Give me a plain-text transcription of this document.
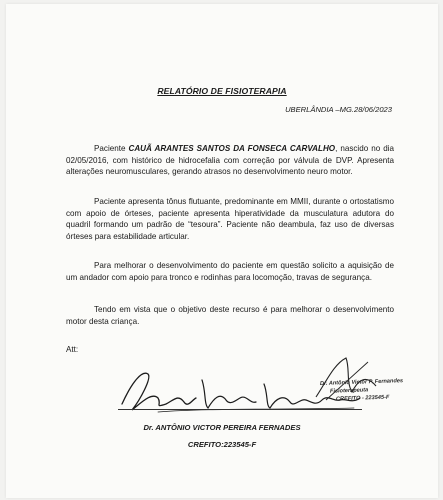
RELATÓRIO DE FISIOTERAPIA
UBERLÂNDIA –MG.28/06/2023
Paciente CAUÃ ARANTES SANTOS DA FONSECA CARVALHO, nascido no dia 02/05/2016, com histórico de hidrocefalia com correção por válvula de DVP. Apresenta alterações neuromusculares, gerando atrasos no desenvolvimento neuro motor.
Paciente apresenta tônus flutuante, predominante em MMII, durante o ortostatismo com apoio de órteses, paciente apresenta hiperatividade da musculatura adutora do quadril formando um padrão de “tesoura”. Paciente não deambula, faz uso de diversas órteses para estabilidade articular.
Para melhorar o desenvolvimento do paciente em questão solicito a aquisição de um andador com apoio para tronco e rodinhas para locomoção, travas de segurança.
Tendo em vista que o objetivo deste recurso é para melhorar o desenvolvimento motor desta criança.
Att:
Dr. Antônio Victor P. Fernandes
Fisioterapeuta
CREFITO - 223545-F
Dr. ANTÔNIO VICTOR PEREIRA FERNADES
CREFITO:223545-F
